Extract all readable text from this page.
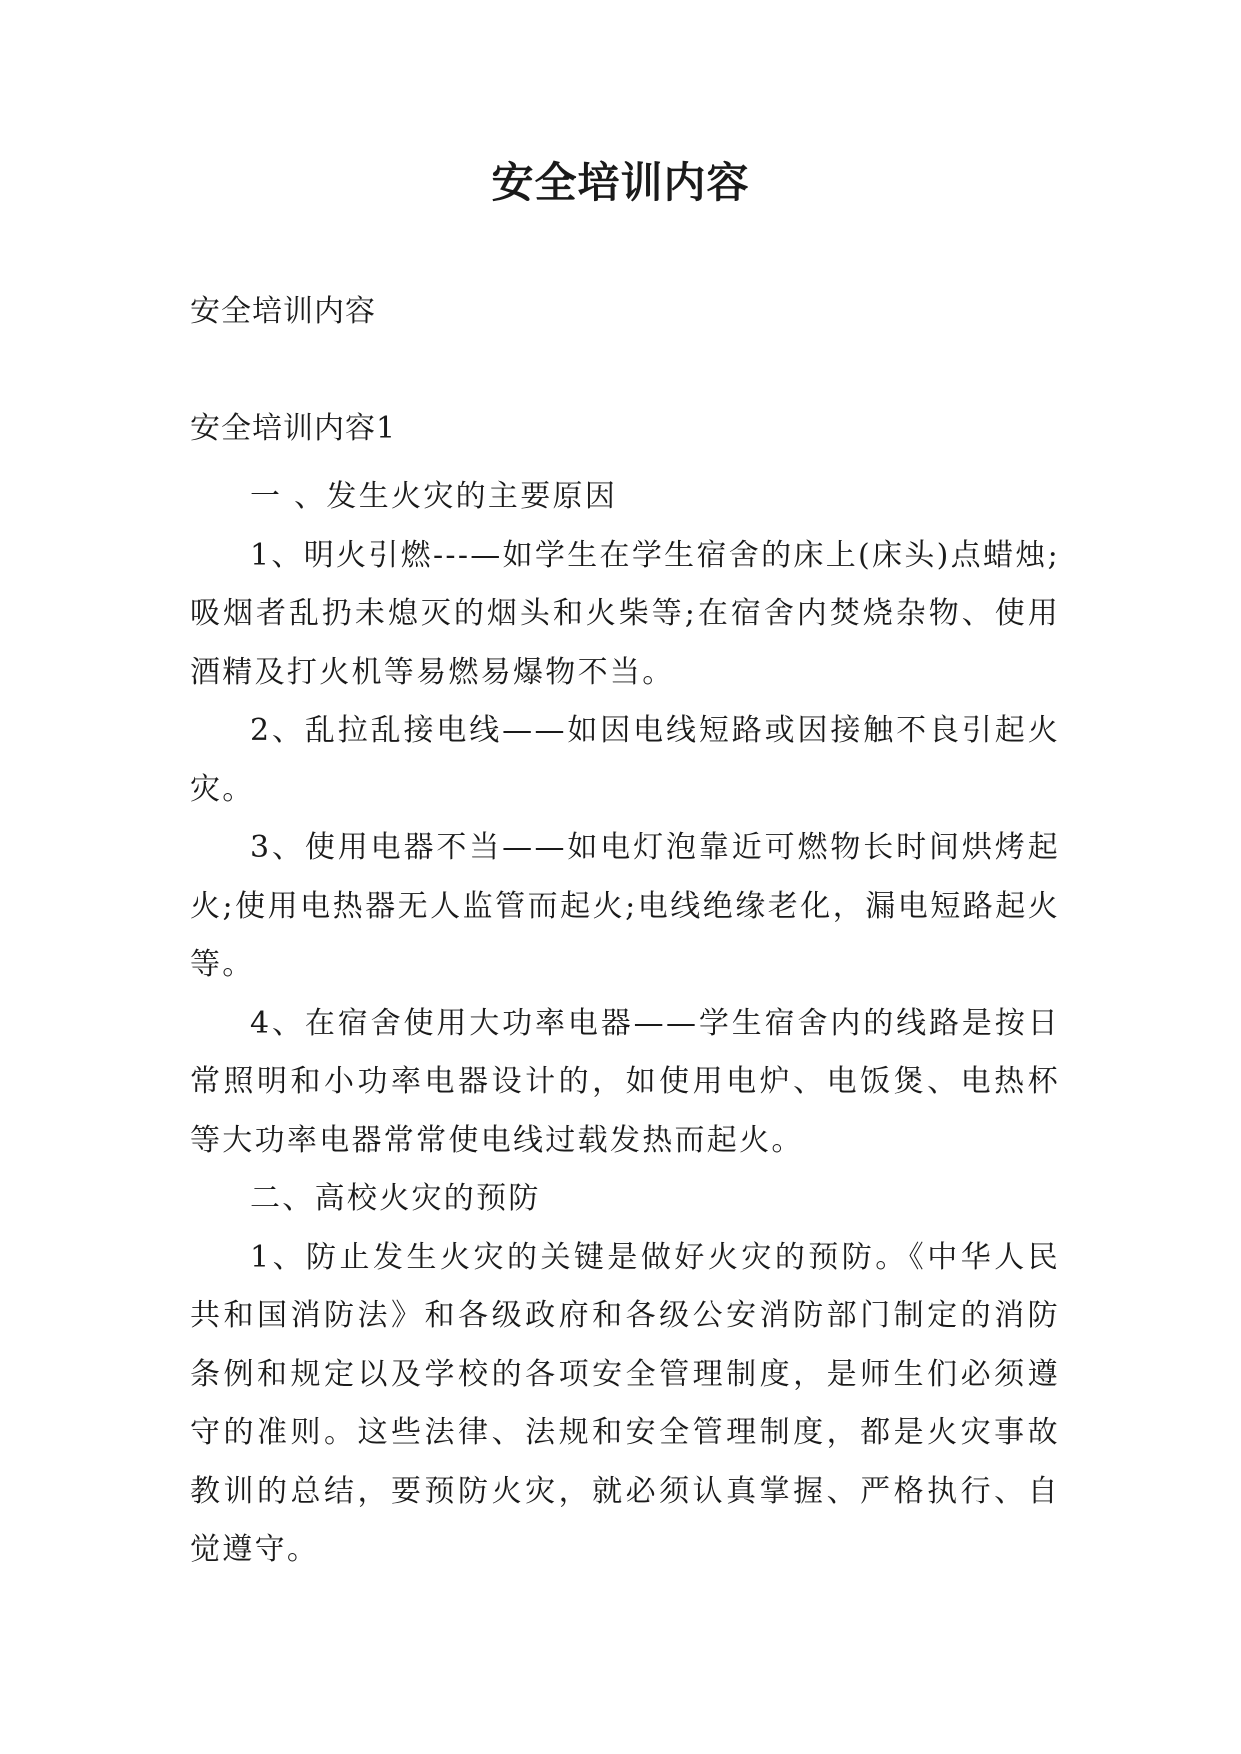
安全培训内容
安全培训内容
安全培训内容1

一 、发生火灾的主要原因

1、明火引燃---—如学生在学生宿舍的床上(床头)点蜡烛;吸烟者乱扔未熄灭的烟头和火柴等;在宿舍内焚烧杂物、使用酒精及打火机等易燃易爆物不当。

2、乱拉乱接电线——如因电线短路或因接触不良引起火灾。

3、使用电器不当——如电灯泡靠近可燃物长时间烘烤起火;使用电热器无人监管而起火;电线绝缘老化，漏电短路起火等。

4、在宿舍使用大功率电器——学生宿舍内的线路是按日常照明和小功率电器设计的，如使用电炉、电饭煲、电热杯等大功率电器常常使电线过载发热而起火。

二、高校火灾的预防

1、防止发生火灾的关键是做好火灾的预防。《中华人民共和国消防法》和各级政府和各级公安消防部门制定的消防条例和规定以及学校的各项安全管理制度，是师生们必须遵守的准则。这些法律、法规和安全管理制度，都是火灾事故教训的总结，要预防火灾，就必须认真掌握、严格执行、自觉遵守。
